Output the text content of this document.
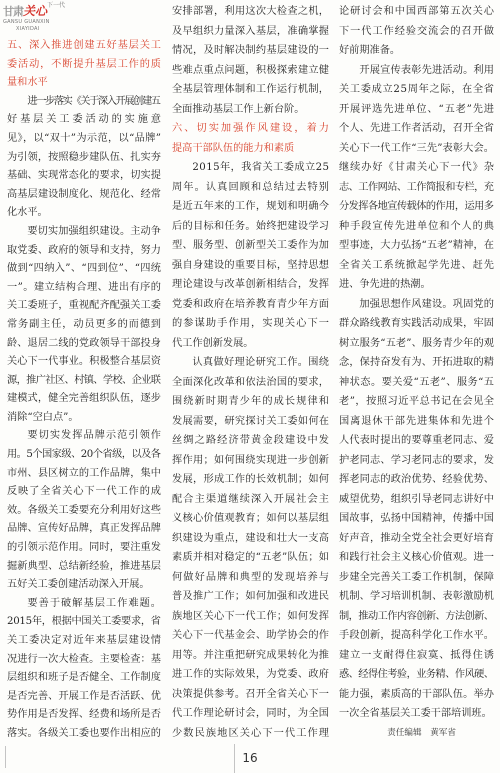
甘肃关心$^{下一代}$
GANSU GUANXIN
XIAYIDAI
五、深入推进创建五好基层关工
委活动，不断提升基层工作的质
量和水平
进一步落实《关于深入开展创建五
好基层关工委活动的实施意
见》，以“双十”为示范，以“品牌”
为引领，按照稳步建队伍、扎实夯
基础、实现常态化的要求，切实提
高基层建设制度化、规范化、经常
化水平。
要切实加强组织建设。主动争
取党委、政府的领导和支持，努力
做到“四纳入”、“四到位”、“四统
一”。建立结构合理、进出有序的
关工委班子，重视配齐配强关工委
常务副主任，动员更多的而德到
龄、退居二线的党政领导干部投身
关心下一代事业。积极整合基层资
源，推广社区、村镇、学校、企业联
建模式，健全完善组织队伍，逐步
消除“空白点”。
要切实发挥品牌示范引领作
用。5个国家级、20个省级，以及各
市州、县区树立的工作品牌，集中
反映了全省关心下一代工作的成
效。各级关工委要充分利用好这些
品牌、宣传好品牌，真正发挥品牌
的引领示范作用。同时，要注重发
掘新典型、总结新经验，推进基层
五好关工委创建活动深入开展。
要善于破解基层工作难题。
2015年，根据中国关工委要求，省
关工委决定对近年来基层建设情
况进行一次大检查。主要检查：基
层组织和班子是否健全、工作制度
是否完善、开展工作是否活跃、优
势作用是否发挥、经费和场所是否
落实。各级关工委也要作出相应的
安排部署，利用这次大检查之机，
及早组织力量深入基层，准确掌握
情况，及时解决制约基层建设的一
些难点重点问题，积极探索建立健
全基层管理体制和工作运行机制，
全面推动基层工作上新台阶。
六、切实加强作风建设，着力
提高干部队伍的能力和素质
2015年，我省关工委成立25
周年。认真回顾和总结过去特别
是近五年来的工作，规划和明确今
后的目标和任务。始终把建设学习
型、服务型、创新型关工委作为加
强自身建设的重要目标，坚持思想
理论建设与改革创新相结合，发挥
党委和政府在培养教育青少年方面
的参谋助手作用，实现关心下一
代工作创新发展。
认真做好理论研究工作。围绕
全面深化改革和依法治国的要求，
围绕新时期青少年的成长规律和
发展需要，研究探讨关工委如何在
丝绸之路经济带黄金段建设中发
挥作用；如何围绕实现进一步创新
发展，形成工作的长效机制；如何
配合主渠道继续深入开展社会主
义核心价值观教育；如何以基层组
织建设为重点，建设和壮大一支高
素质并相对稳定的“五老”队伍；如
何做好品牌和典型的发现培养与
普及推广工作；如何加强和改进民
族地区关心下一代工作；如何发挥
关心下一代基金会、助学协会的作
用等。并注重把研究成果转化为推
进工作的实际效果，为党委、政府
决策提供参考。召开全省关心下一
代工作理论研讨会，同时，为全国
少数民族地区关心下一代工作理
论研讨会和中国西部第五次关心
下一代工作经验交流会的召开做
好前期准备。
开展宣传表彰先进活动。利用
关工委成立25周年之际，在全省
开展评选先进单位、“五老”先进
个人、先进工作者活动，召开全省
关心下一代工作“三先”表彰大会。
继续办好《甘肃关心下一代》杂
志、工作网站、工作简报和专栏，充
分发挥各地宣传载体的作用，运用多
种手段宣传先进单位和个人的典
型事迹，大力弘扬“五老”精神，在
全省关工系统掀起学先进、赶先
进、争先进的热潮。
加强思想作风建设。巩固党的
群众路线教育实践活动成果，牢固
树立服务“五老”、服务青少年的观
念，保持奋发有为、开拓进取的精
神状态。要关爱“五老”、服务“五
老”，按照习近平总书记在会见全
国离退休干部先进集体和先进个
人代表时提出的要尊重老同志、爱
护老同志、学习老同志的要求，发
挥老同志的政治优势、经验优势、
威望优势，组织引导老同志讲好中
国故事，弘扬中国精神，传播中国
好声音，推动全党全社会更好培育
和践行社会主义核心价值观。进一
步建全完善关工委工作机制，保障
机制、学习培训机制、表彰激励机
制，推动工作内容创新、方法创新、
手段创新，提高科学化工作水平。
建立一支耐得住寂寞、抵得住诱
惑、经得住考验，业务精、作风硬、
能力强，素质高的干部队伍。举办
一次全省基层关工委干部培训班。
责任编辑　黄军省
16
